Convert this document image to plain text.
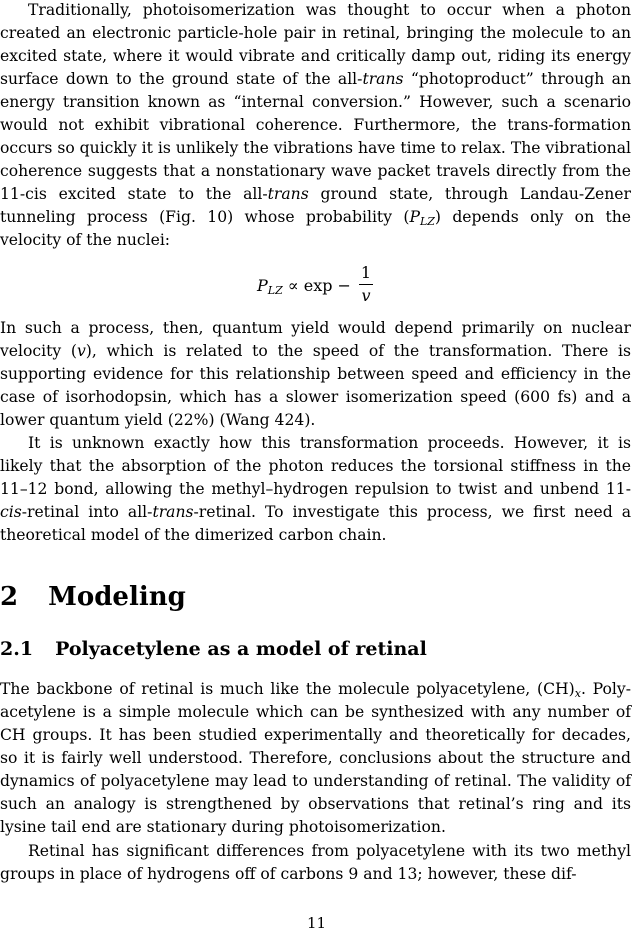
Traditionally, photoisomerization was thought to occur when a photon created an electronic particle-hole pair in retinal, bringing the molecule to an excited state, where it would vibrate and critically damp out, riding its energy surface down to the ground state of the all-trans “photoproduct” through an energy transition known as “internal conversion.” However, such a scenario would not exhibit vibrational coherence. Furthermore, the trans-formation occurs so quickly it is unlikely the vibrations have time to relax. The vibrational coherence suggests that a nonstationary wave packet travels directly from the 11-cis excited state to the all-trans ground state, through Landau-Zener tunneling process (Fig. 10) whose probability $(P_{LZ})$ depends only on the velocity of the nuclei:

$P_{LZ} \propto \exp$ −
1
v

In such a process, then, quantum yield would depend primarily on nuclear velocity (v), which is related to the speed of the transformation. There is supporting evidence for this relationship between speed and efficiency in the case of isorhodopsin, which has a slower isomerization speed (600 fs) and a lower quantum yield (22%) (Wang 424).

It is unknown exactly how this transformation proceeds. However, it is likely that the absorption of the photon reduces the torsional stiffness in the 11–12 bond, allowing the methyl–hydrogen repulsion to twist and unbend 11-cis-retinal into all-trans-retinal. To investigate this process, we first need a theoretical model of the dimerized carbon chain.

2 Modeling
2.1 Polyacetylene as a model of retinal

The backbone of retinal is much like the molecule polyacetylene, $(CH)_x$. Poly-acetylene is a simple molecule which can be synthesized with any number of CH groups. It has been studied experimentally and theoretically for decades, so it is fairly well understood. Therefore, conclusions about the structure and dynamics of polyacetylene may lead to understanding of retinal. The validity of such an analogy is strengthened by observations that retinal’s ring and its lysine tail end are stationary during photoisomerization.

Retinal has significant differences from polyacetylene with its two methyl groups in place of hydrogens off of carbons 9 and 13; however, these dif-

11
